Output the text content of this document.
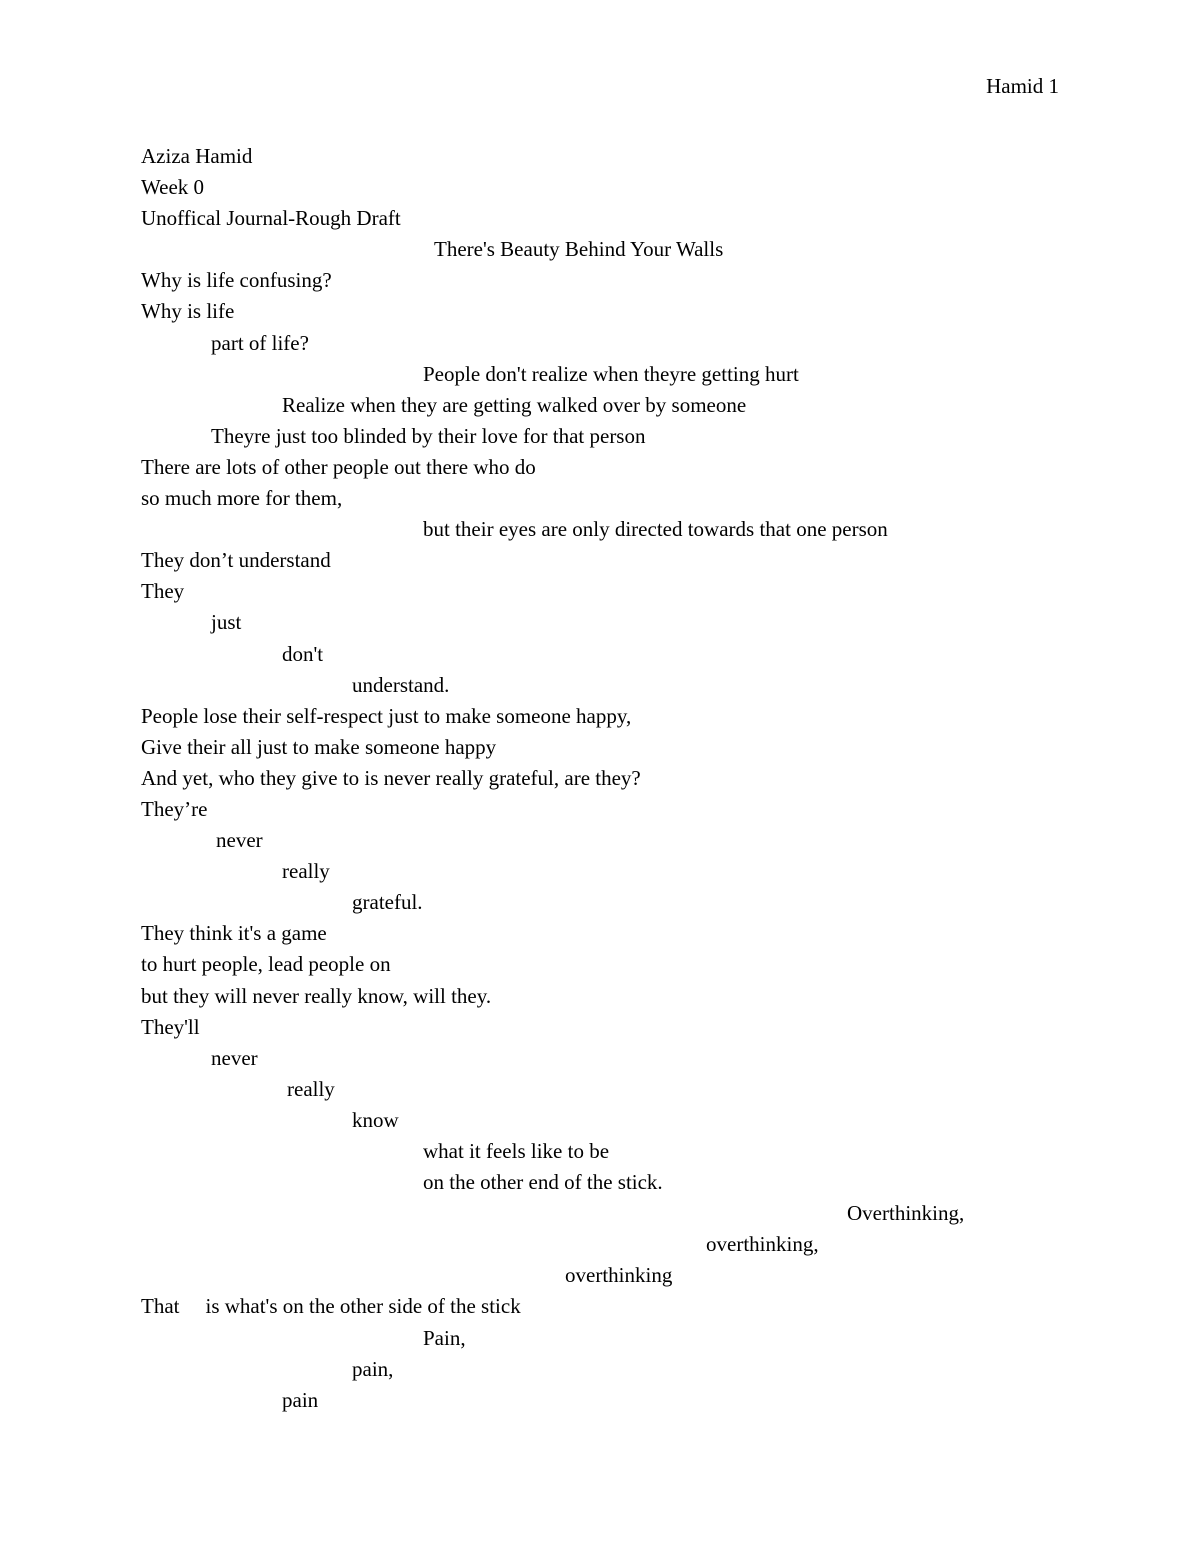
Hamid 1
Aziza Hamid
Week 0
Unoffical Journal-Rough Draft
There's Beauty Behind Your Walls
Why is life confusing?
Why is life
part of life?
People don't realize when theyre getting hurt
Realize when they are getting walked over by someone
Theyre just too blinded by their love for that person
There are lots of other people out there who do
so much more for them,
but their eyes are only directed towards that one person
They don’t understand
They
just
don't
understand.
People lose their self-respect just to make someone happy,
Give their all just to make someone happy
And yet, who they give to is never really grateful, are they?
They’re
never
really
grateful.
They think it's a game
to hurt people, lead people on
but they will never really know, will they.
They'll
never
really
know
what it feels like to be
on the other end of the stick.
Overthinking,
overthinking,
overthinking
That is what's on the other side of the stick
Pain,
pain,
pain
